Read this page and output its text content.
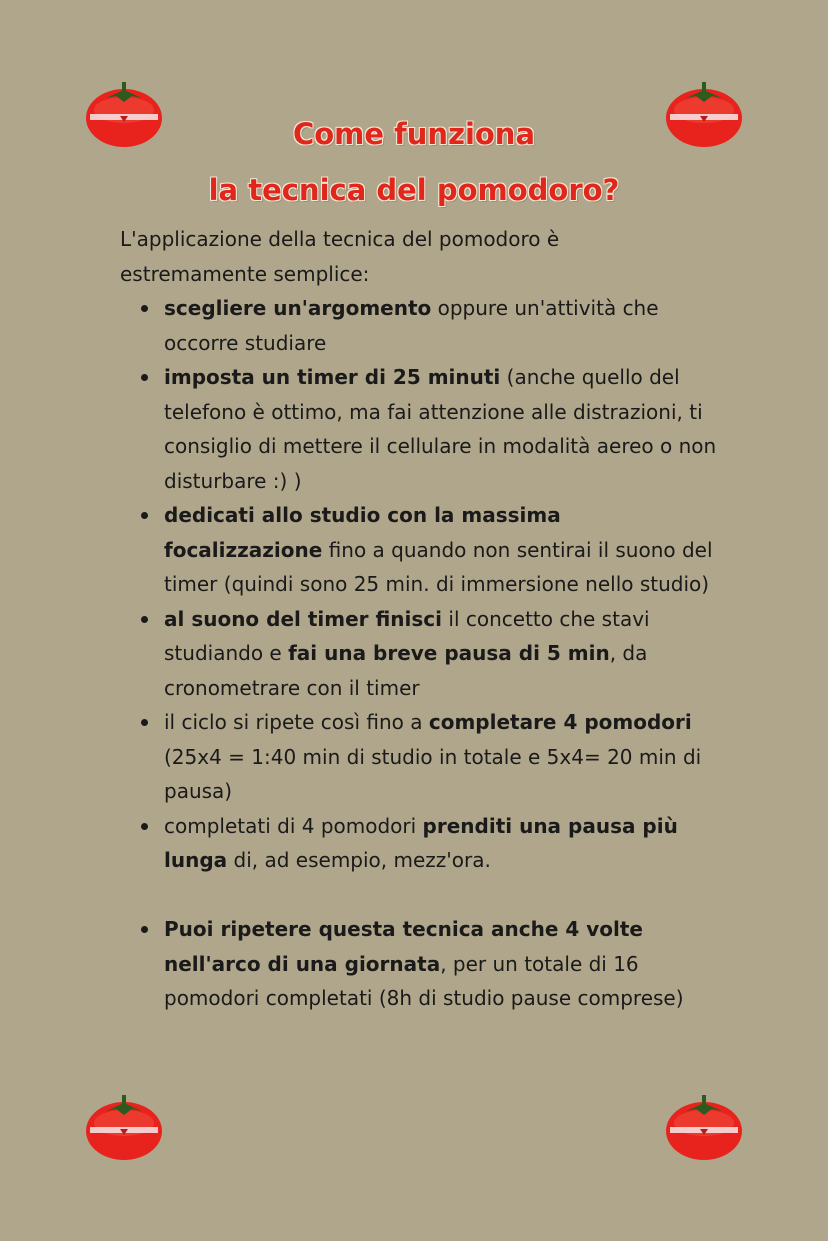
Come funziona
la tecnica del pomodoro?

L'applicazione della tecnica del pomodoro è
estremamente semplice:

scegliere un'argomento oppure un'attività che occorre studiare
imposta un timer di 25 minuti (anche quello del telefono è ottimo, ma fai attenzione alle distrazioni, ti consiglio di mettere il cellulare in modalità aereo o non disturbare :) )
dedicati allo studio con la massima focalizzazione fino a quando non sentirai il suono del timer (quindi sono 25 min. di immersione nello studio)
al suono del timer finisci il concetto che stavi studiando e fai una breve pausa di 5 min, da cronometrare con il timer
il ciclo si ripete così fino a completare 4 pomodori (25x4 = 1:40 min di studio in totale e 5x4= 20 min di pausa)
completati di 4 pomodori prenditi una pausa più lunga di, ad esempio, mezz'ora.
Puoi ripetere questa tecnica anche 4 volte nell'arco di una giornata, per un totale di 16 pomodori completati (8h di studio pause comprese)
